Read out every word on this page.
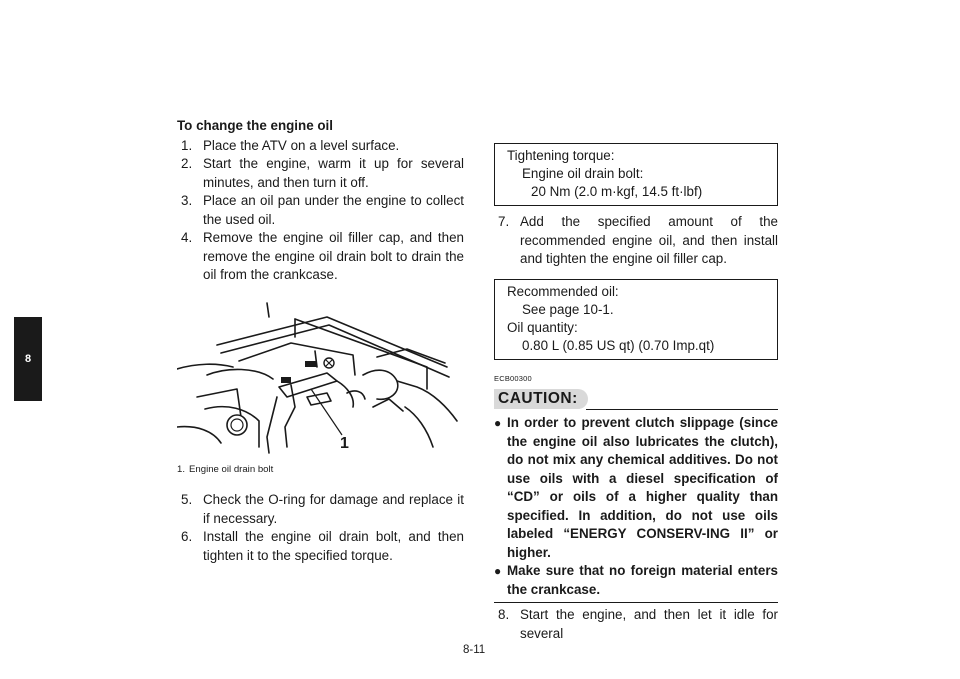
8
To change the engine oil
1. Place the ATV on a level surface.
2. Start the engine, warm it up for several minutes, and then turn it off.
3. Place an oil pan under the engine to collect the used oil.
4. Remove the engine oil filler cap, and then remove the engine oil drain bolt to drain the oil from the crankcase.
1
1. Engine oil drain bolt
5. Check the O-ring for damage and replace it if necessary.
6. Install the engine oil drain bolt, and then tighten it to the specified torque.
Tightening torque:
Engine oil drain bolt:
20 Nm (2.0 m·kgf, 14.5 ft·lbf)
7. Add the specified amount of the recommended engine oil, and then install and tighten the engine oil filler cap.
Recommended oil:
See page 10-1.
Oil quantity:
0.80 L (0.85 US qt) (0.70 Imp.qt)
ECB00300
CAUTION:
● In order to prevent clutch slippage (since the engine oil also lubricates the clutch), do not mix any chemical additives. Do not use oils with a diesel specification of “CD” or oils of a higher quality than specified. In addition, do not use oils labeled “ENERGY CONSERV-ING II” or higher.
● Make sure that no foreign material enters the crankcase.
8. Start the engine, and then let it idle for several
8-11
